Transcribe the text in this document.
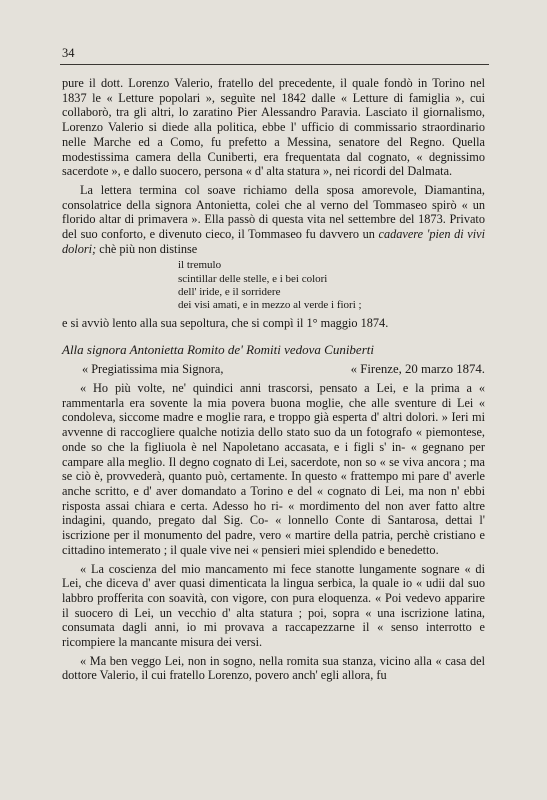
34

pure il dott. Lorenzo Valerio, fratello del precedente, il quale fondò in Torino nel 1837 le « Letture popolari », seguìte nel 1842 dalle « Letture di famiglia », cui collaborò, tra gli altri, lo zaratino Pier Alessandro Paravia. Lasciato il giornalismo, Lorenzo Valerio si diede alla politica, ebbe l' ufficio di commissario straordinario nelle Marche ed a Como, fu prefetto a Messina, senatore del Regno. Quella modestissima camera della Cuniberti, era frequentata dal cognato, « degnissimo sacerdote », e dallo suocero, persona « d' alta statura », nei ricordi del Dalmata.

La lettera termina col soave richiamo della sposa amorevole, Diamantina, consolatrice della signora Antonietta, colei che al verno del Tommaseo spirò « un florido altar di primavera ». Ella passò di questa vita nel settembre del 1873. Privato del suo conforto, e divenuto cieco, il Tommaseo fu davvero un cadavere 'pien di vivi dolori; chè più non distinse

il tremulo
scintillar delle stelle, e i bei colori
dell' iride, e il sorridere
dei visi amati, e in mezzo al verde i fiori ;

e si avviò lento alla sua sepoltura, che si compì il 1° maggio 1874.

Alla signora Antonietta Romito de' Romiti vedova Cuniberti

« Firenze, 20 marzo 1874.

« Pregiatissima mia Signora,

« Ho più volte, ne' quindici anni trascorsi, pensato a Lei, e la prima a « rammentarla era sovente la mia povera buona moglie, che alle sventure di Lei « condoleva, siccome madre e moglie rara, e troppo già esperta d' altri dolori. » Ieri mi avvenne di raccogliere qualche notizia dello stato suo da un fotografo « piemontese, onde so che la figliuola è nel Napoletano accasata, e i figli s' in- « gegnano per campare alla meglio. Il degno cognato di Lei, sacerdote, non so « se viva ancora ; ma se ciò è, provvederà, quanto può, certamente. In questo « frattempo mi pare d' averle anche scritto, e d' aver domandato a Torino e del « cognato di Lei, ma non n' ebbi risposta assai chiara e certa. Adesso ho ri- « mordimento del non aver fatto altre indagini, quando, pregato dal Sig. Co- « lonnello Conte di Santarosa, dettai l' iscrizione per il monumento del padre, vero « martire della patria, perchè cristiano e cittadino intemerato ; il quale vive nei « pensieri miei splendido e benedetto.

« La coscienza del mio mancamento mi fece stanotte lungamente sognare « di Lei, che diceva d' aver quasi dimenticata la lingua serbica, la quale io « udii dal suo labbro profferita con soavità, con vigore, con pura eloquenza. « Poi vedevo apparire il suocero di Lei, un vecchio d' alta statura ; poi, sopra « una iscrizione latina, consumata dagli anni, io mi provava a raccapezzarne il « senso interrotto e ricompiere la mancante misura dei versi.

« Ma ben veggo Lei, non in sogno, nella romita sua stanza, vicino alla « casa del dottore Valerio, il cui fratello Lorenzo, povero anch' egli allora, fu
